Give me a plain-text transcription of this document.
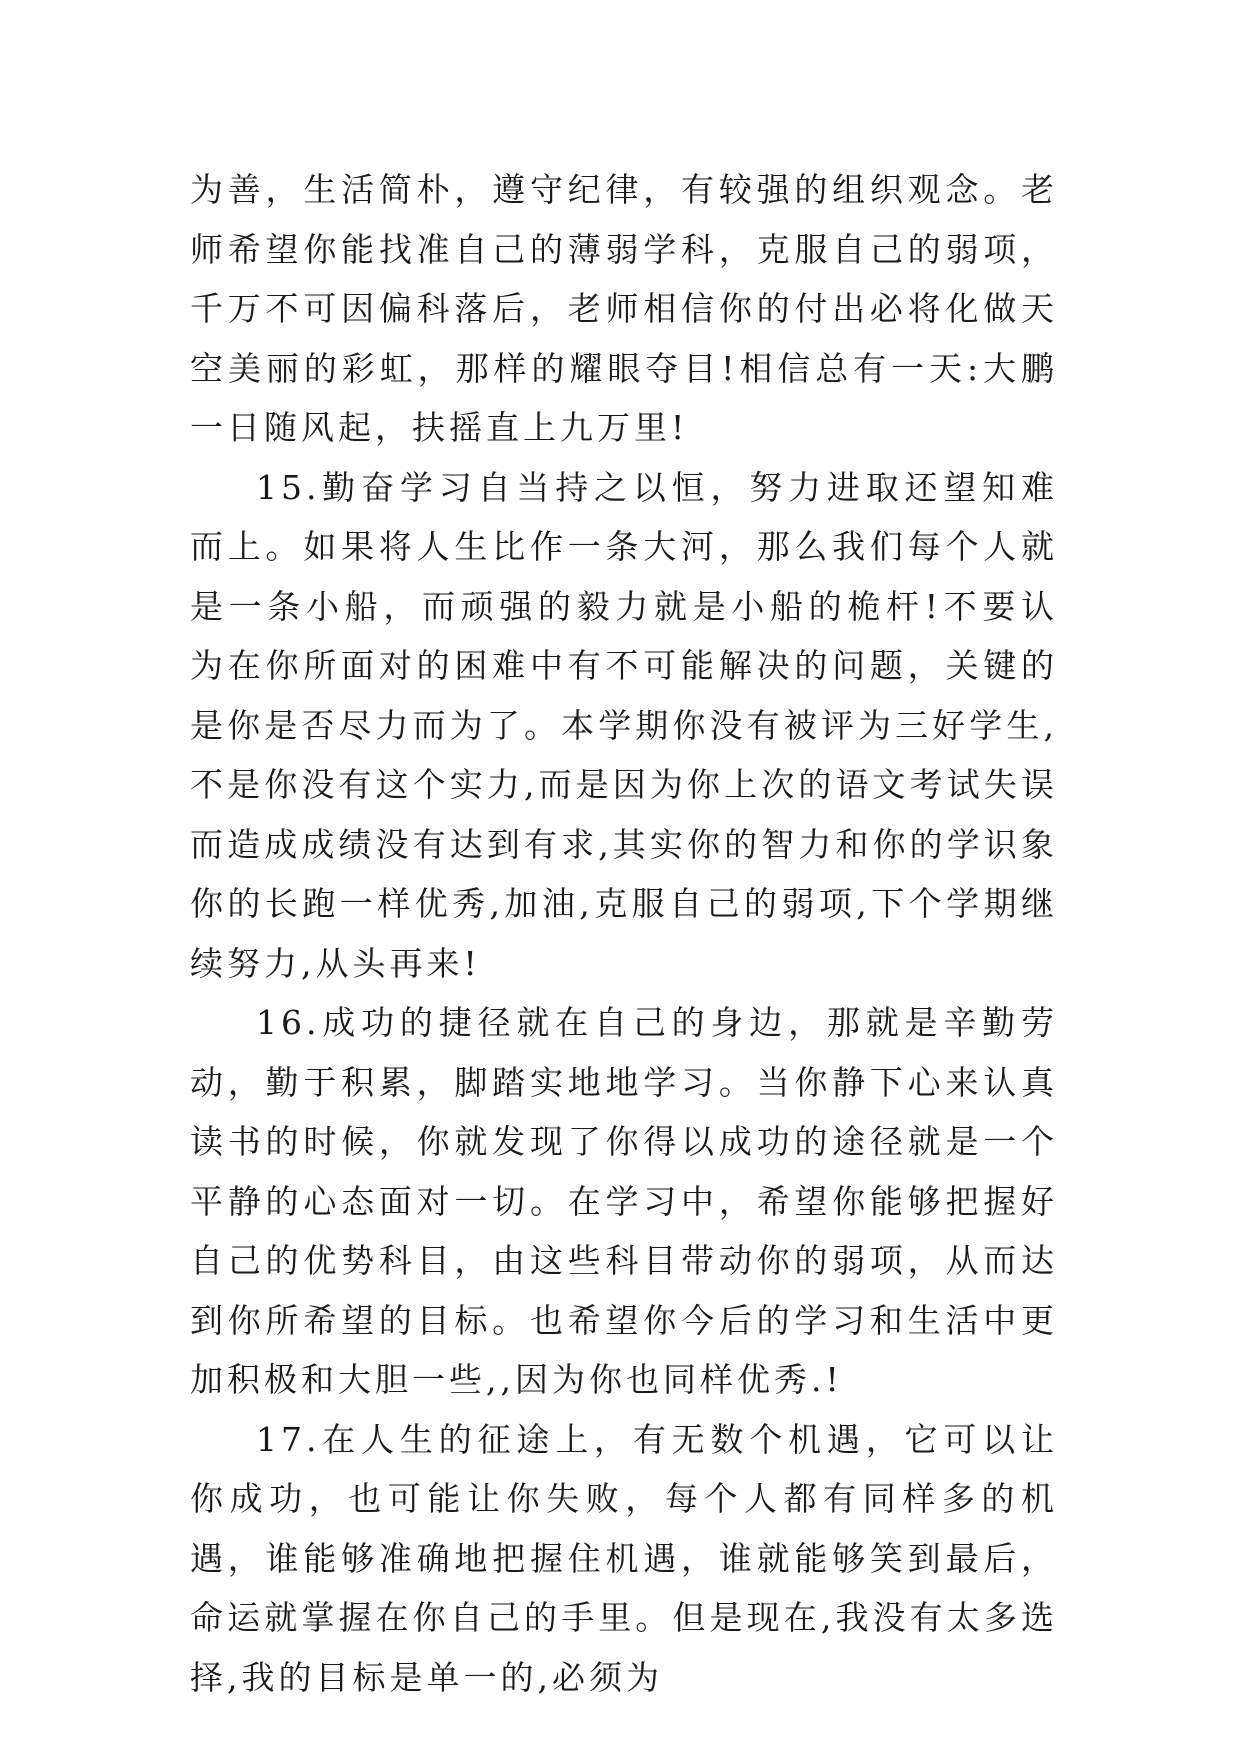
为善，生活简朴，遵守纪律，有较强的组织观念。老师希望你能找准自己的薄弱学科，克服自己的弱项，千万不可因偏科落后，老师相信你的付出必将化做天空美丽的彩虹，那样的耀眼夺目!相信总有一天:大鹏一日随风起，扶摇直上九万里!

15.勤奋学习自当持之以恒，努力进取还望知难而上。如果将人生比作一条大河，那么我们每个人就是一条小船，而顽强的毅力就是小船的桅杆!不要认为在你所面对的困难中有不可能解决的问题，关键的是你是否尽力而为了。本学期你没有被评为三好学生,不是你没有这个实力,而是因为你上次的语文考试失误而造成成绩没有达到有求,其实你的智力和你的学识象你的长跑一样优秀,加油,克服自己的弱项,下个学期继续努力,从头再来!

16.成功的捷径就在自己的身边，那就是辛勤劳动，勤于积累，脚踏实地地学习。当你静下心来认真读书的时候，你就发现了你得以成功的途径就是一个平静的心态面对一切。在学习中，希望你能够把握好自己的优势科目，由这些科目带动你的弱项，从而达到你所希望的目标。也希望你今后的学习和生活中更加积极和大胆一些,,因为你也同样优秀.!

17.在人生的征途上，有无数个机遇，它可以让你成功，也可能让你失败，每个人都有同样多的机遇，谁能够准确地把握住机遇，谁就能够笑到最后，命运就掌握在你自己的手里。但是现在,我没有太多选择,我的目标是单一的,必须为
